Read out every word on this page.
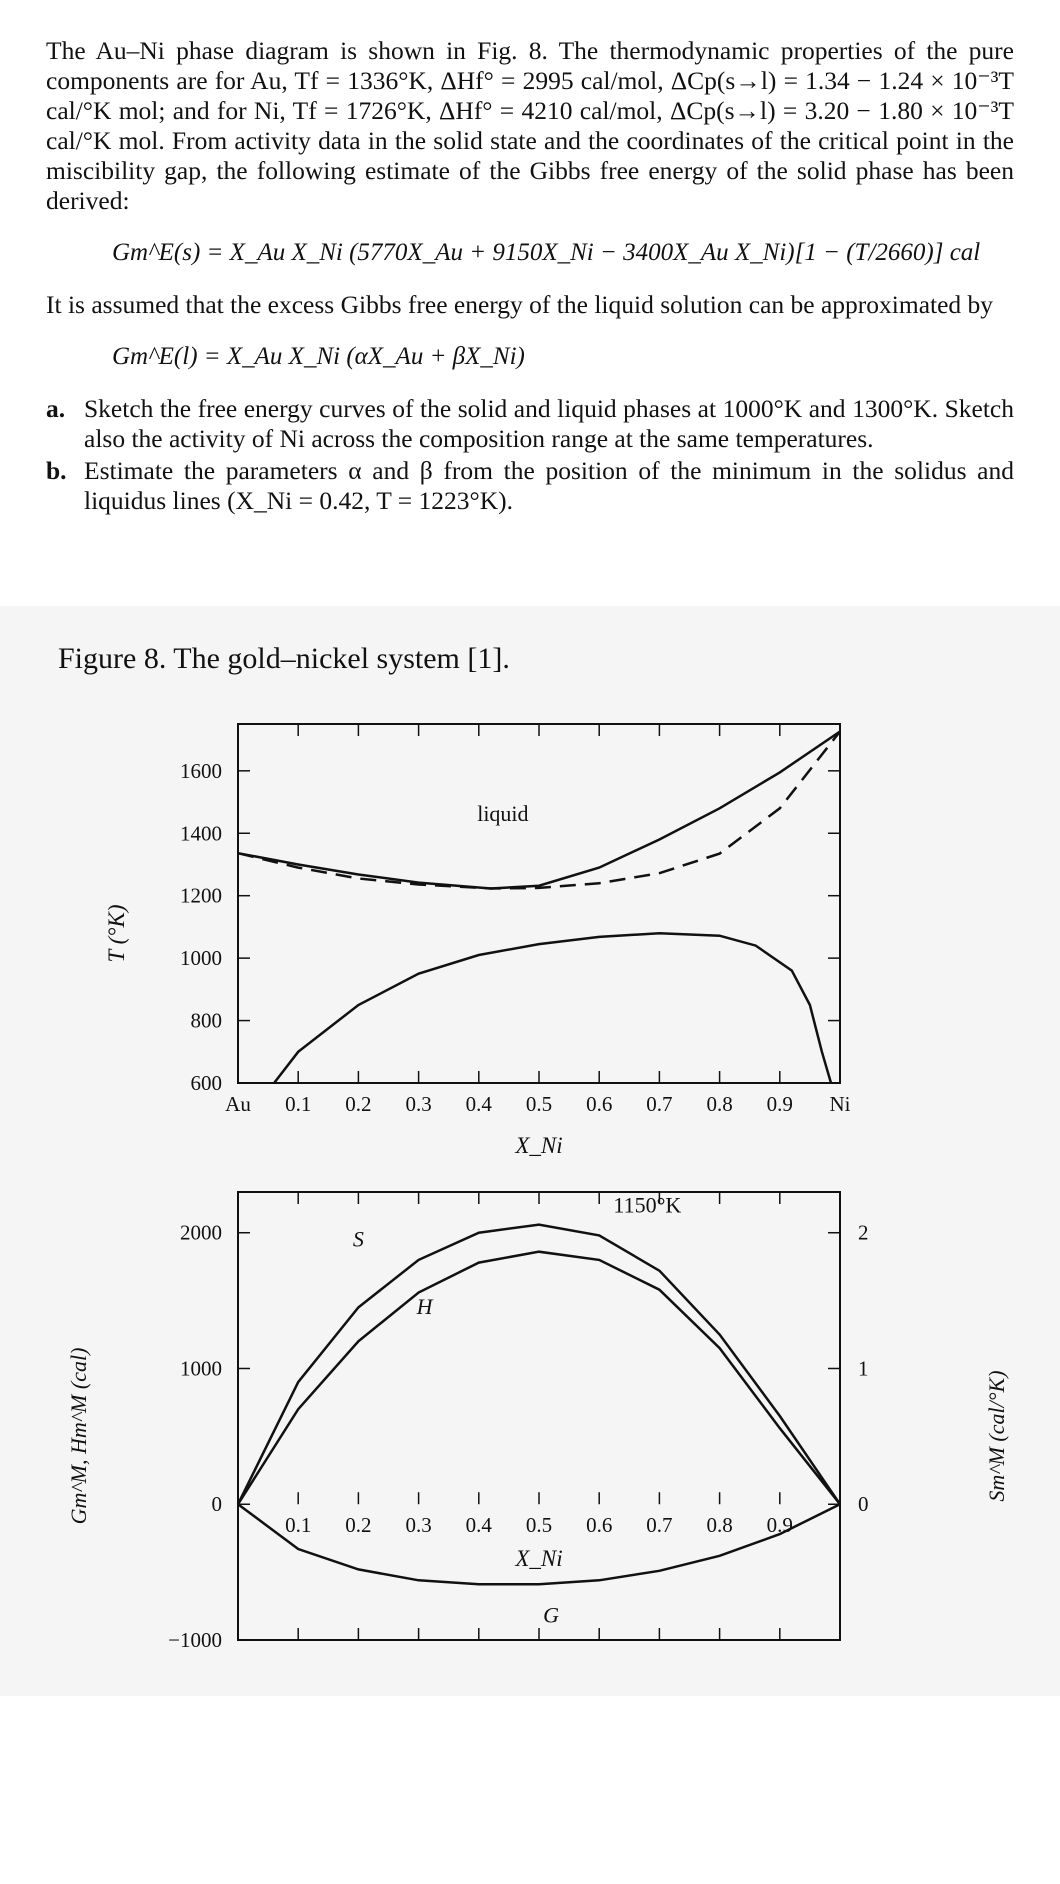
The Au–Ni phase diagram is shown in Fig. 8. The thermodynamic properties of the pure components are for Au, Tf = 1336°K, ΔHf° = 2995 cal/mol, ΔCp(s→l) = 1.34 − 1.24 × 10⁻³T cal/°K mol; and for Ni, Tf = 1726°K, ΔHf° = 4210 cal/mol, ΔCp(s→l) = 3.20 − 1.80 × 10⁻³T cal/°K mol. From activity data in the solid state and the coordinates of the critical point in the miscibility gap, the following estimate of the Gibbs free energy of the solid phase has been derived:

Gm^E(s) = X_Au X_Ni (5770X_Au + 9150X_Ni − 3400X_Au X_Ni)[1 − (T/2660)] cal

It is assumed that the excess Gibbs free energy of the liquid solution can be approximated by

Gm^E(l) = X_Au X_Ni (αX_Au + βX_Ni)
a. Sketch the free energy curves of the solid and liquid phases at 1000°K and 1300°K. Sketch also the activity of Ni across the composition range at the same temperatures.
b. Estimate the parameters α and β from the position of the minimum in the solidus and liquidus lines (X_Ni = 0.42, T = 1223°K).
Figure 8. The gold–nickel system [1].
600
800
1000
1200
1400
1600
Au 0.1 0.2 0.3 0.4 0.5 0.6 0.7 0.8 0.9 Ni
X_Ni
T (°K)
liquid
0.1 0.2 0.3 0.4 0.5 0.6 0.7 0.8 0.9
X_Ni
−1000
0
1000
2000
0
1
2
Gm^M, Hm^M (cal)	Sm^M (cal/°K)
S
H
G
1150°K
